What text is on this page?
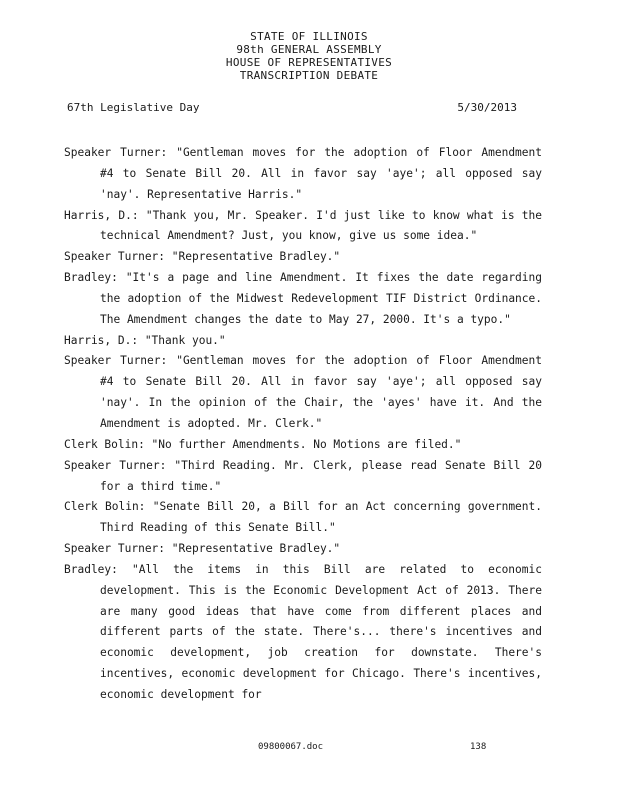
STATE OF ILLINOIS
98th GENERAL ASSEMBLY
HOUSE OF REPRESENTATIVES
TRANSCRIPTION DEBATE
67th Legislative Day	5/30/2013

Speaker Turner: "Gentleman moves for the adoption of Floor Amendment #4 to Senate Bill 20. All in favor say 'aye'; all opposed say 'nay'. Representative Harris."

Harris, D.: "Thank you, Mr. Speaker. I'd just like to know what is the technical Amendment? Just, you know, give us some idea."

Speaker Turner: "Representative Bradley."

Bradley: "It's a page and line Amendment. It fixes the date regarding the adoption of the Midwest Redevelopment TIF District Ordinance. The Amendment changes the date to May 27, 2000. It's a typo."

Harris, D.: "Thank you."

Speaker Turner: "Gentleman moves for the adoption of Floor Amendment #4 to Senate Bill 20. All in favor say 'aye'; all opposed say 'nay'. In the opinion of the Chair, the 'ayes' have it. And the Amendment is adopted. Mr. Clerk."

Clerk Bolin: "No further Amendments. No Motions are filed."

Speaker Turner: "Third Reading. Mr. Clerk, please read Senate Bill 20 for a third time."

Clerk Bolin: "Senate Bill 20, a Bill for an Act concerning government. Third Reading of this Senate Bill."

Speaker Turner: "Representative Bradley."

Bradley: "All the items in this Bill are related to economic development. This is the Economic Development Act of 2013. There are many good ideas that have come from different places and different parts of the state. There's... there's incentives and economic development, job creation for downstate. There's incentives, economic development for Chicago. There's incentives, economic development for

09800067.doc	138
